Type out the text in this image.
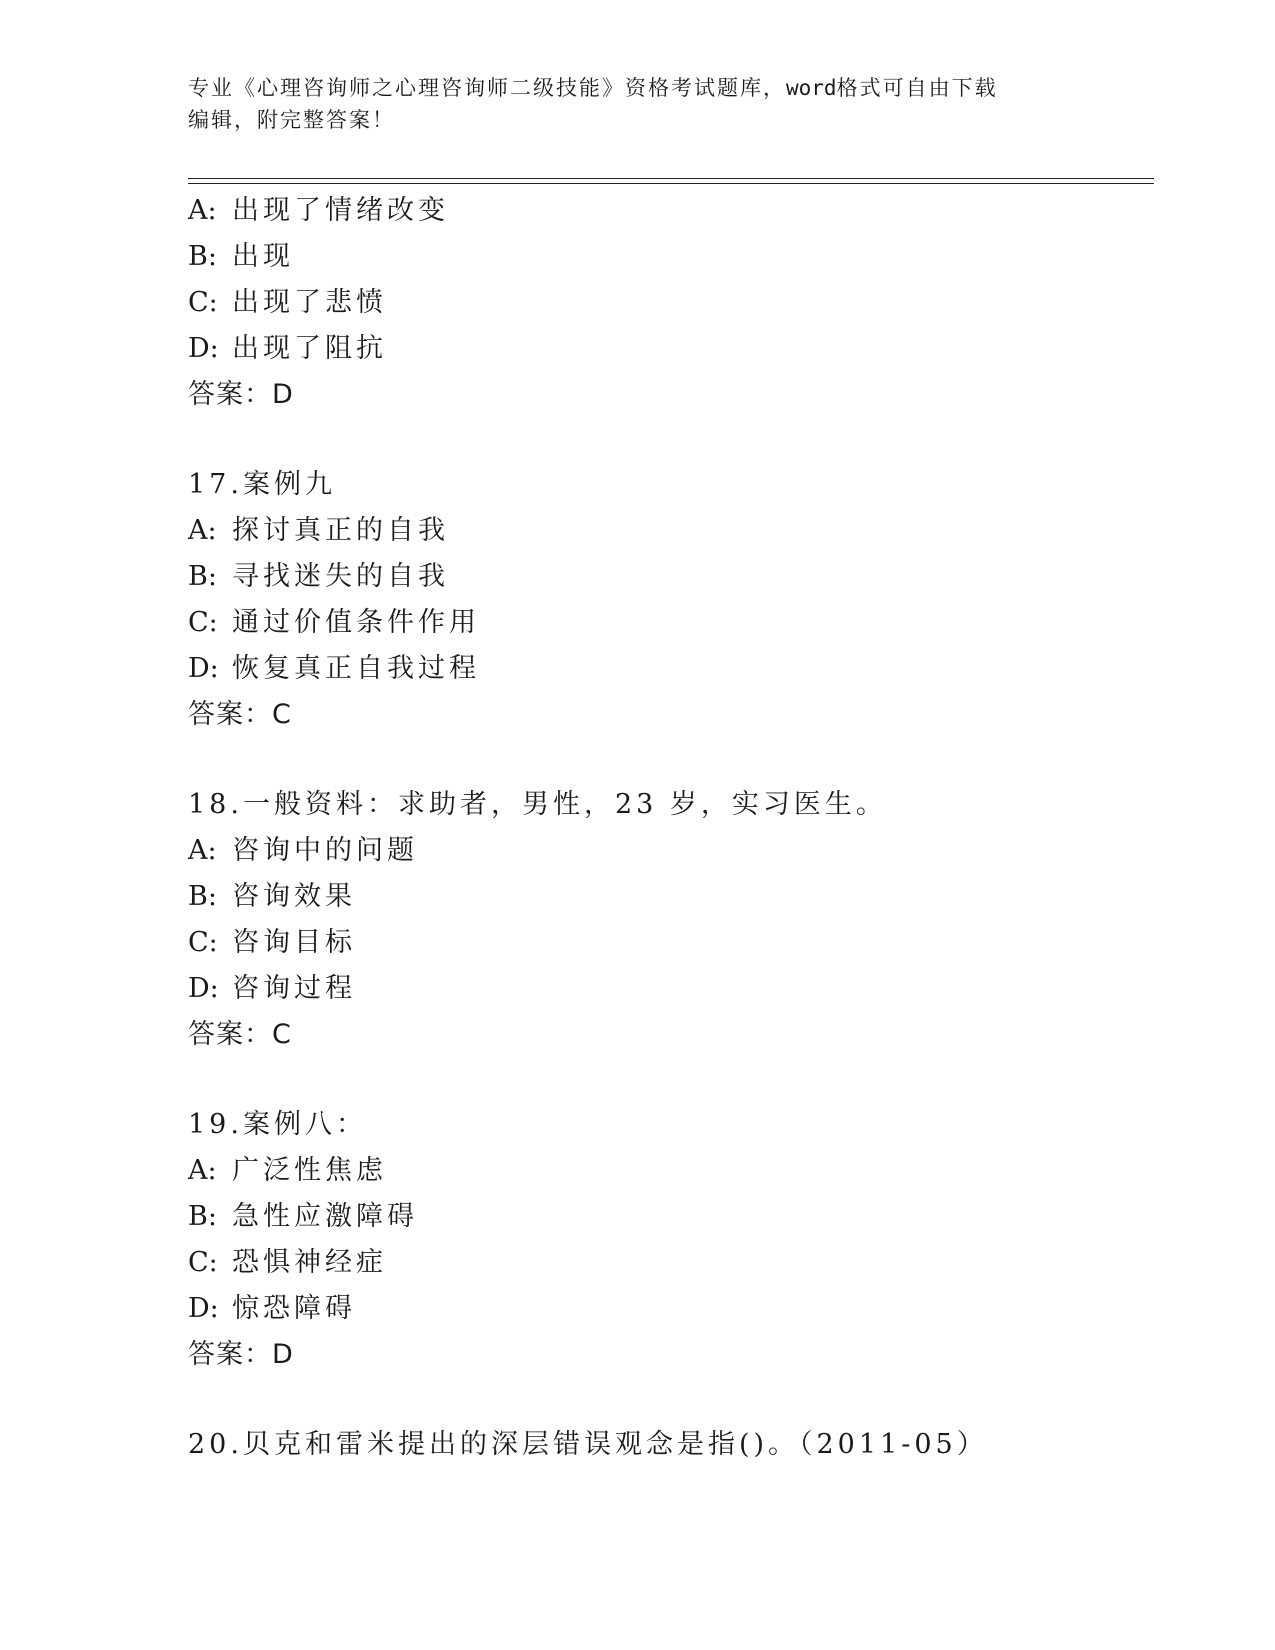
专业《心理咨询师之心理咨询师二级技能》资格考试题库，word格式可自由下载
编辑，附完整答案！
A: 出现了情绪改变
B: 出现
C: 出现了悲愤
D: 出现了阻抗
答案：D
17.案例九
A: 探讨真正的自我
B: 寻找迷失的自我
C: 通过价值条件作用
D: 恢复真正自我过程
答案：C
18.一般资料：求助者，男性，23 岁，实习医生。
A: 咨询中的问题
B: 咨询效果
C: 咨询目标
D: 咨询过程
答案：C
19.案例八：
A: 广泛性焦虑
B: 急性应激障碍
C: 恐惧神经症
D: 惊恐障碍
答案：D
20.贝克和雷米提出的深层错误观念是指()。（2011-05）
